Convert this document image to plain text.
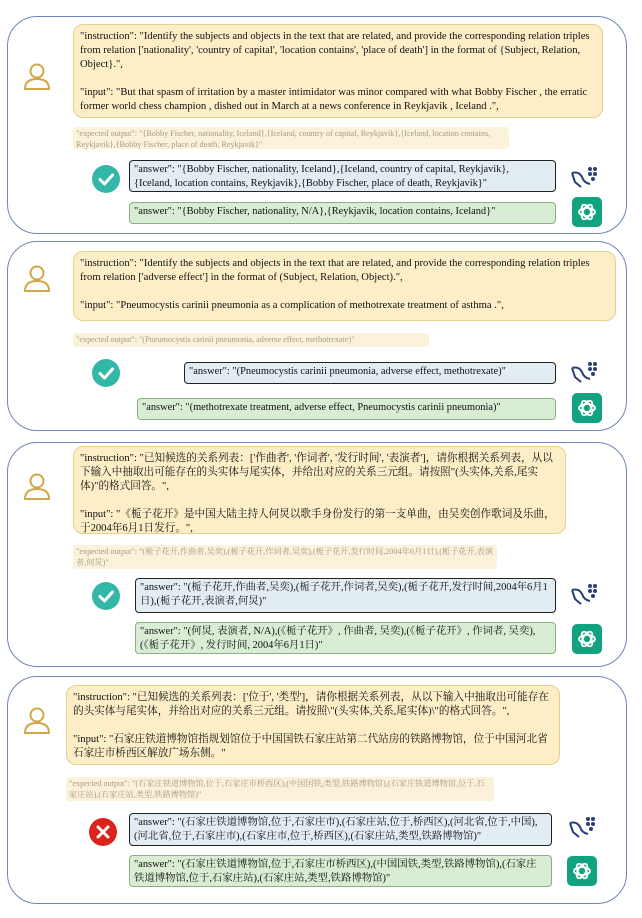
"instruction": "Identify the subjects and objects in the text that are related, and provide the corresponding relation triples from relation ['nationality', 'country of capital', 'location contains', 'place of death'] in the format of {Subject, Relation, Object}.",

"input": "But that spasm of irritation by a master intimidator was minor compared with what Bobby Fischer , the erratic former world chess champion , dished out in March at a news conference in Reykjavik , Iceland .",
"expected output": "{Bobby Fischer, nationality, Iceland},{Iceland, country of capital, Reykjavik},{Iceland, location contains, Reykjavik},{Bobby Fischer, place of death, Reykjavik}"
"answer": "{Bobby Fischer, nationality, Iceland},{Iceland, country of capital, Reykjavik},
{Iceland, location contains, Reykjavik},{Bobby Fischer, place of death, Reykjavik}"
"answer": "{Bobby Fischer, nationality, N/A},{Reykjavik, location contains, Iceland}"
"instruction": "Identify the subjects and objects in the text that are related, and provide the corresponding relation triples from relation ['adverse effect'] in the format of (Subject, Relation, Object).",

"input": "Pneumocystis carinii pneumonia as a complication of methotrexate treatment of asthma .",
"expected output": "(Pneumocystis carinii pneumonia, adverse effect, methotrexate)"
"answer": "(Pneumocystis carinii pneumonia, adverse effect, methotrexate)"
"answer": "(methotrexate treatment, adverse effect, Pneumocystis carinii pneumonia)"
"instruction": "已知候选的关系列表：['作曲者', '作词者', '发行时间', '表演者']，请你根据关系列表，从以下输入中抽取出可能存在的头实体与尾实体，并给出对应的关系三元组。请按照"(头实体,关系,尾实体)"的格式回答。",

"input": "《栀子花开》是中国大陆主持人何炅以歌手身份发行的第一支单曲，由吴奕创作歌词及乐曲，于2004年6月1日发行。",
"expected output": "(栀子花开,作曲者,吴奕),(栀子花开,作词者,吴奕),(栀子花开,发行时间,2004年6月1日),(栀子花开,表演者,何炅)"
"answer": "(栀子花开,作曲者,吴奕),(栀子花开,作词者,吴奕),(栀子花开,发行时间,2004年6月1日),(栀子花开,表演者,何炅)"
"answer": "(何炅, 表演者, N/A),(《栀子花开》, 作曲者, 吴奕),(《栀子花开》, 作词者, 吴奕),(《栀子花开》, 发行时间, 2004年6月1日)"
"instruction": "已知候选的关系列表：['位于', '类型']，请你根据关系列表，从以下输入中抽取出可能存在的头实体与尾实体，并给出对应的关系三元组。请按照\"(头实体,关系,尾实体)\"的格式回答。",

"input": "石家庄铁道博物馆指规划馆位于中国国铁石家庄站第二代站房的铁路博物馆，位于中国河北省石家庄市桥西区解放广场东侧。"
"expected output": "(石家庄铁道博物馆,位于,石家庄市桥西区),(中国国铁,类型,铁路博物馆),(石家庄铁道博物馆,位于,石家庄站),(石家庄站,类型,铁路博物馆)"
"answer": "(石家庄铁道博物馆,位于,石家庄市),(石家庄站,位于,桥西区),(河北省,位于,中国),(河北省,位于,石家庄市),(石家庄市,位于,桥西区),(石家庄站,类型,铁路博物馆)"
"answer": "(石家庄铁道博物馆,位于,石家庄市桥西区),(中国国铁,类型,铁路博物馆),(石家庄铁道博物馆,位于,石家庄站),(石家庄站,类型,铁路博物馆)"
